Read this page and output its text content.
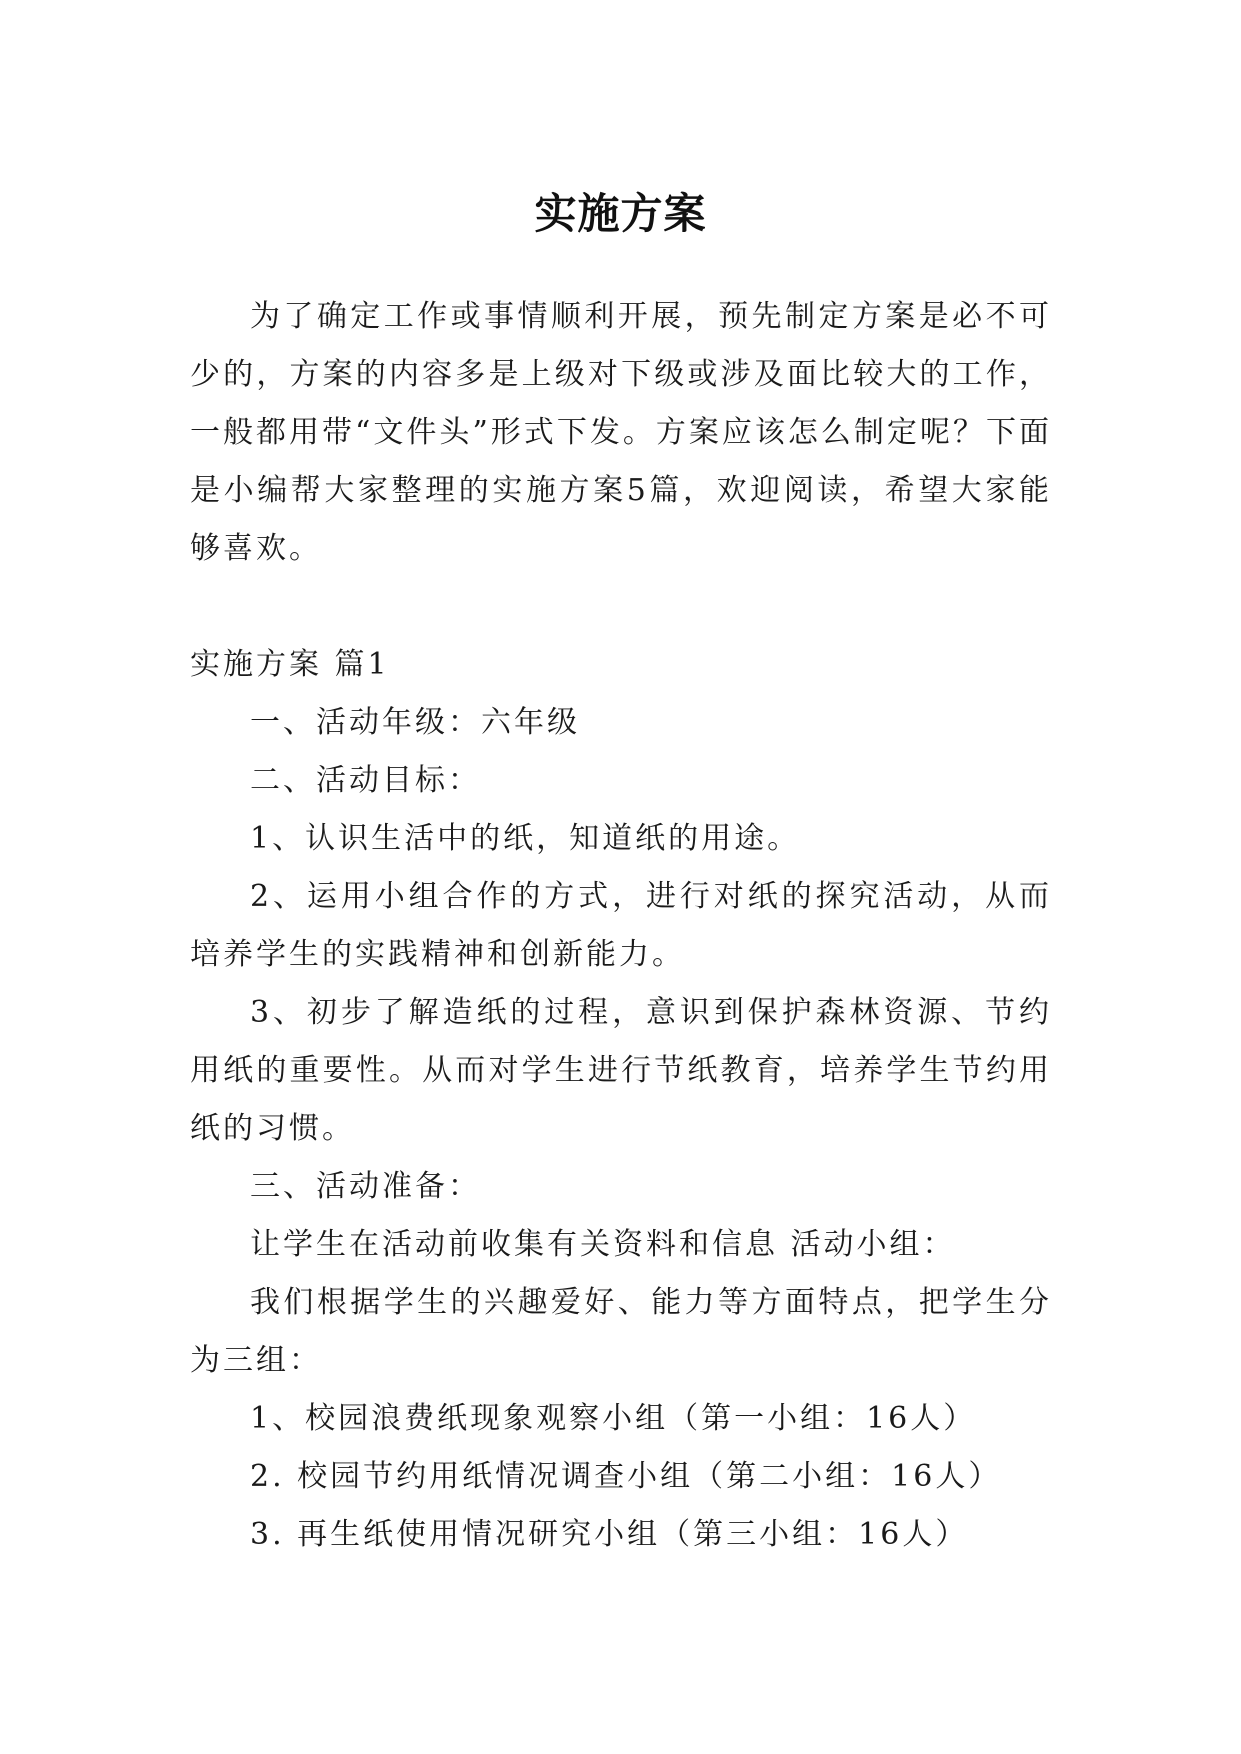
实施方案

为了确定工作或事情顺利开展，预先制定方案是必不可少的，方案的内容多是上级对下级或涉及面比较大的工作，一般都用带“文件头”形式下发。方案应该怎么制定呢？下面是小编帮大家整理的实施方案5篇，欢迎阅读，希望大家能够喜欢。

实施方案 篇1

一、活动年级：六年级

二、活动目标：

1、认识生活中的纸，知道纸的用途。

2、运用小组合作的方式，进行对纸的探究活动，从而培养学生的实践精神和创新能力。

3、初步了解造纸的过程，意识到保护森林资源、节约用纸的重要性。从而对学生进行节纸教育，培养学生节约用纸的习惯。

三、活动准备：

让学生在活动前收集有关资料和信息 活动小组：

我们根据学生的兴趣爱好、能力等方面特点，把学生分为三组：

1、校园浪费纸现象观察小组（第一小组：16人）

2. 校园节约用纸情况调查小组（第二小组：16人）

3. 再生纸使用情况研究小组（第三小组：16人）
